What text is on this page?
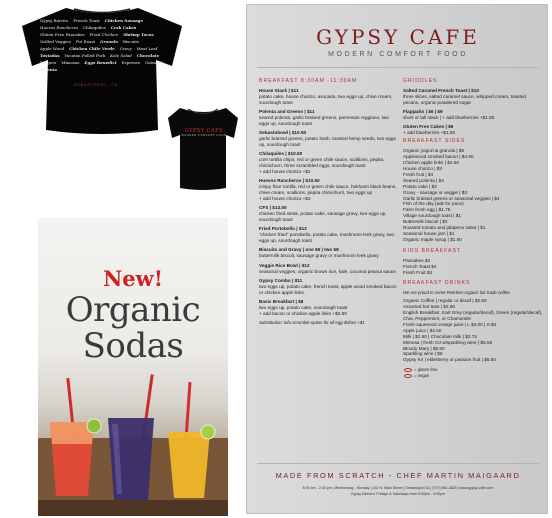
Gypsy Burrito French Toast Chicken Sausage
Huevos Rancheros Chilaquiles Crab Cakes
Gluten Free Pancakes Fried Chicken Shrimp Tacos
Grilled Veggies Pot Roast Granola Biscuits
Apple Wood Chicken Chile Verde Gravy Meat Loaf
Tostadas Yucatan Pulled Pork Kale Salad Chocolate
Burgers Mimosas Eggs Benedict Espresso Oatmeal
Polenta
SEBASTOPOL, CA
GYPSY CAFE
MODERN COMFORT FOOD
New!
Organic
Sodas
GYPSY CAFE
MODERN COMFORT FOOD
BREAKFAST 8:30AM -11:30AM
House Stack | $11
potato cake, house chorizo, avocado, two eggs up, chive cream, sourdough toast
Polenta and Greens | $11
seared polenta, garlic braised greens, parmesan reggiano, two eggs up, sourdough toast
Sebastobowl | $10.50
garlic braised greens, potato hash, toasted hemp seeds, two eggs up, sourdough toast
Chilaquiles | $10.50
corn tortilla chips, red or green chile sauce, scallions, pepita, chimichurri, three scrambled eggs, sourdough toast
+ add house chorizo +$2
Huevos Rancheros | $10.50
crispy flour tortilla, red or green chile sauce, heirloom black beans, chive cream, scallions, pepita chimichurri, two eggs up
+ add house chorizo +$2
CFS | $13.50
chicken fried steak, potato cake, sausage gravy, two eggs up, sourdough toast
Fried Portobello | $13
“chicken fried” portobello, potato cake, mushroom leek gravy, two eggs up, sourdough toast
Biscuits and Gravy | one $5 | two $8
buttermilk biscuit, sausage gravy or mushroom leek gravy
Veggie Rice Bowl | $12
seasonal veggies, organic brown rice, kale, coconut peanut sauce
Gypsy Combo | $11
two eggs up, potato cake, french toast, apple wood smoked bacon or chicken apple links
Basic Breakfast | $8
two eggs up, potato cake, sourdough toast
+ add bacon or chicken apple links +$2.50
Substitution: tofu scramble option for all egg dishes +$1
GRIDDLES
Salted Caramel French Toast | $10
three slices, salted caramel sauce, whipped cream, toasted pecans, organic powdered sugar
Flapjacks | $6 | $9
short or tall stack | + add blueberries +$1.50
Gluten Free Cakes | $9
+ add blueberries +$1.50
BREAKFAST SIDES
Organic yogurt & granola | $6
Applewood smoked bacon | $4.50
Chicken apple links | $4.50
House chorizo | $3
Fresh fruit | $4
Seared polenta | $4
Potato cake | $3
Gravy - sausage or veggie | $3
Garlic braised greens or seasonal veggies | $4
Fish of the day (ask for price)
Farm fresh egg | $1.75
Village sourdough toast | $1
Buttermilk biscuit | $3
Roasted tomato and jalapeno salsa | $1
Seasonal house jam | $1
Organic maple syrup | $1.50
KIDS BREAKFAST
Pancakes $4
French Toast $4
Fresh Fruit $4
BREAKFAST DRINKS
We are proud to serve Peerless organic fair trade coffee
Organic Coffee | regular or decaf | $2.50
Assorted hot teas | $2.50
English Breakfast, Earl Grey (regular/decaf), Green (regular/decaf), Chai, Peppermint, or Chamomile
Fresh squeezed orange juice | L $4.00 | S $4
Apple juice | $2.50
Milk | $2.50 | Chocolate milk | $2.75
Mimosa | fresh OJ w/sparkling wine | $6.50
Bloody Mary | $6.50
Sparkling wine | $6
Gypsy Kir | elderberry or passion fruit | $6.50
= gluten free
= vegan
MADE FROM SCRATCH - CHEF MARTIN MAIGAARD
8:30 am - 2:30 pm | Wednesday - Monday | 152 N. Main Street | Sebastopol CA | (707) 861-3825 | www.gypsy-cafe.com
Gypsy Dinners: Fridays & Saturdays from 5:00pm - 9:00pm
